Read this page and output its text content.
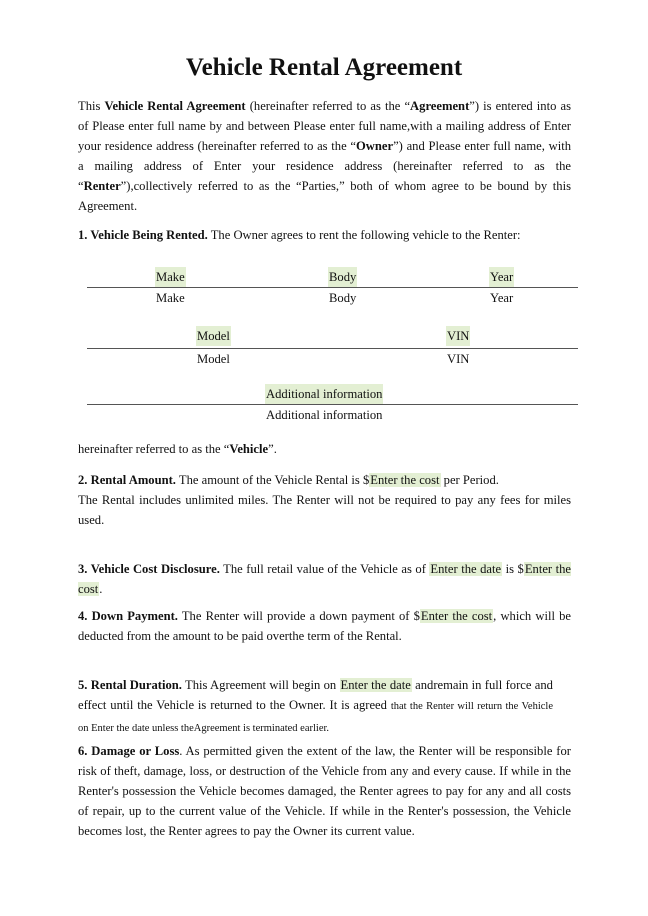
Vehicle Rental Agreement
This Vehicle Rental Agreement (hereinafter referred to as the “Agreement”) is entered into as of Please enter full name by and between Please enter full name,with a mailing address of Enter your residence address (hereinafter referred to as the “Owner”) and Please enter full name, with a mailing address of Enter your residence address (hereinafter referred to as the “Renter”),collectively referred to as the “Parties,” both of whom agree to be bound by this Agreement.
1. Vehicle Being Rented. The Owner agrees to rent the following vehicle to the Renter:
Make	Body	Year
Make	Body	Year
Model	VIN
Model	VIN
Additional information
Additional information
hereinafter referred to as the “Vehicle”.
2. Rental Amount. The amount of the Vehicle Rental is $Enter the cost per Period.
The Rental includes unlimited miles. The Renter will not be required to pay any fees for miles used.
3. Vehicle Cost Disclosure. The full retail value of the Vehicle as of Enter the date is $Enter the cost.
4. Down Payment. The Renter will provide a down payment of $Enter the cost, which will be deducted from the amount to be paid overthe term of the Rental.
5. Rental Duration. This Agreement will begin on Enter the date andremain in full force and effect until the Vehicle is returned to the Owner. It is agreed that the Renter will return the Vehicle on Enter the date unless theAgreement is terminated earlier.
6. Damage or Loss. As permitted given the extent of the law, the Renter will be responsible for risk of theft, damage, loss, or destruction of the Vehicle from any and every cause. If while in the Renter's possession the Vehicle becomes damaged, the Renter agrees to pay for any and all costs of repair, up to the current value of the Vehicle. If while in the Renter's possession, the Vehicle becomes lost, the Renter agrees to pay the Owner its current value.
